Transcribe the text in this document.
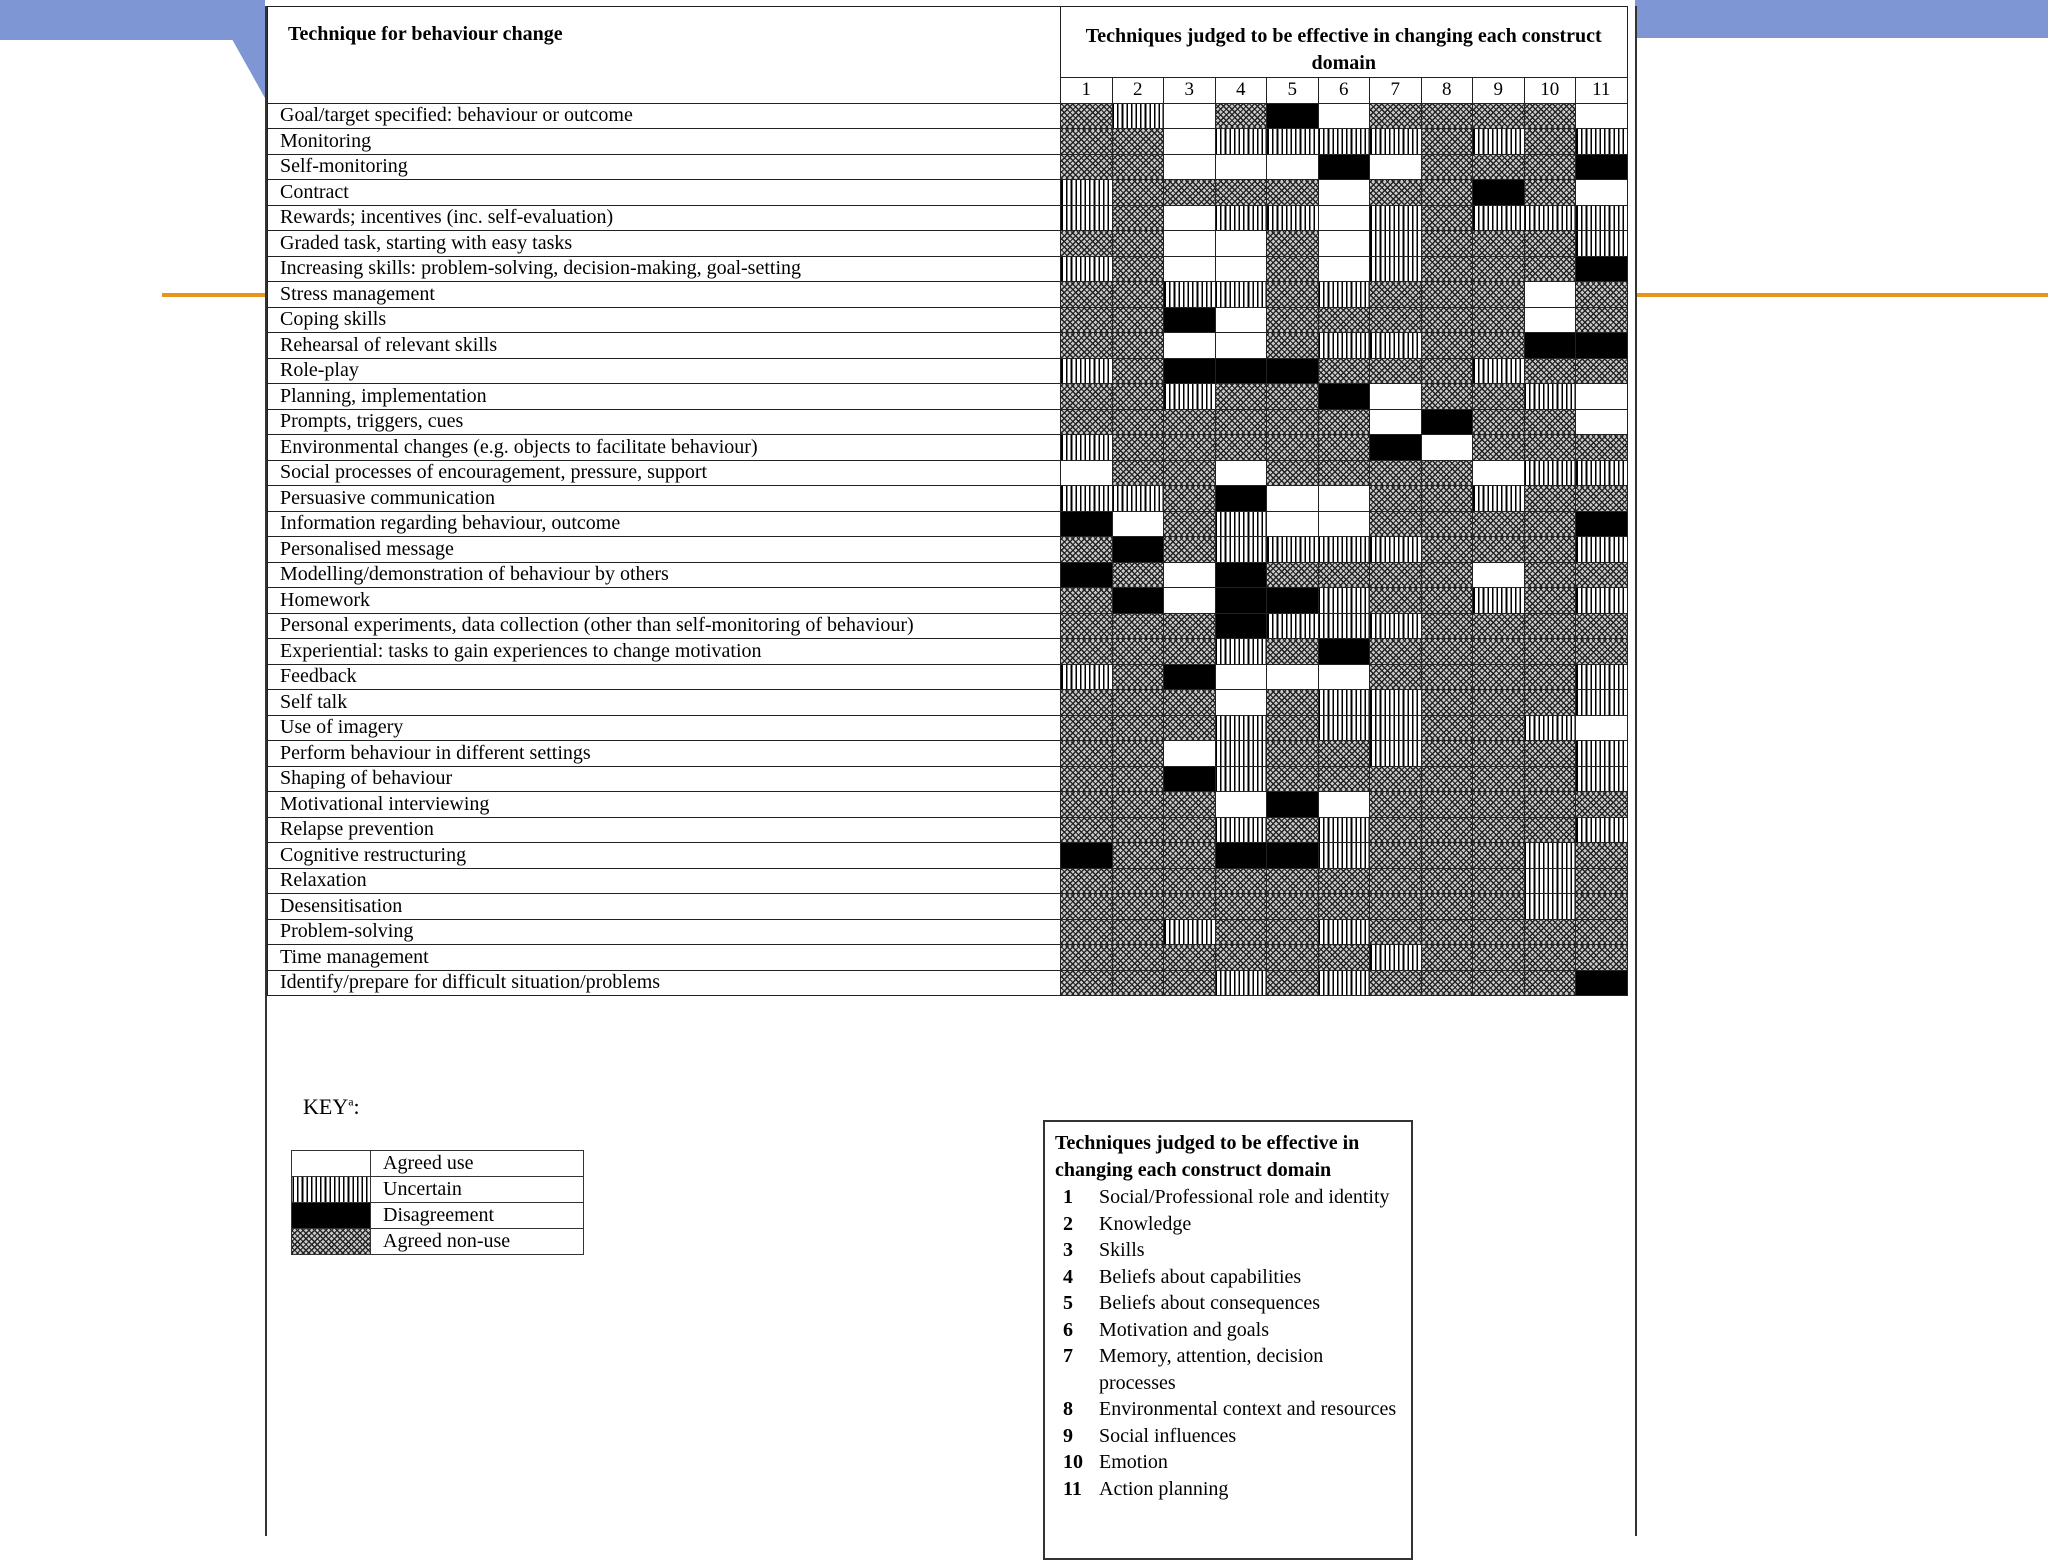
Technique for behaviour change	Techniques judged to be effective in changing each construct domain										
	1	2	3	4	5	6	7	8	9	10	11
Goal/target specified: behaviour or outcome											
Monitoring											
Self-monitoring											
Contract											
Rewards; incentives (inc. self-evaluation)											
Graded task, starting with easy tasks											
Increasing skills: problem-solving, decision-making, goal-setting											
Stress management											
Coping skills											
Rehearsal of relevant skills											
Role-play											
Planning, implementation											
Prompts, triggers, cues											
Environmental changes (e.g. objects to facilitate behaviour)											
Social processes of encouragement, pressure, support											
Persuasive communication											
Information regarding behaviour, outcome											
Personalised message											
Modelling/demonstration of behaviour by others											
Homework											
Personal experiments, data collection (other than self-monitoring of behaviour)											
Experiential: tasks to gain experiences to change motivation											
Feedback											
Self talk											
Use of imagery											
Perform behaviour in different settings											
Shaping of behaviour											
Motivational interviewing											
Relapse prevention											
Cognitive restructuring											
Relaxation											
Desensitisation											
Problem-solving											
Time management											
Identify/prepare for difficult situation/problems											
KEY$^a$:
	Agreed use
	Uncertain
	Disagreement
	Agreed non-use
Techniques judged to be effective in changing each construct domain
1	Social/Professional role and identity
2	Knowledge
3	Skills
4	Beliefs about capabilities
5	Beliefs about consequences
6	Motivation and goals
7	Memory, attention, decision processes
8	Environmental context and resources
9	Social influences
10 Emotion
11 Action planning
